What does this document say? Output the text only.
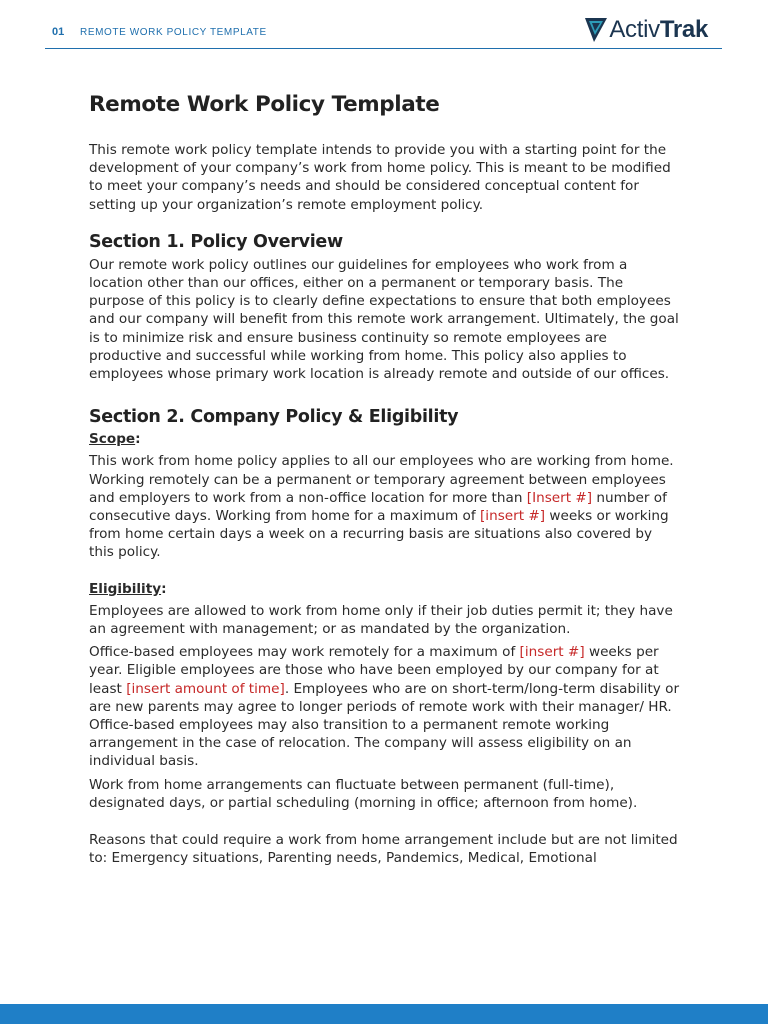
01 REMOTE WORK POLICY TEMPLATE	ActivTrak
Remote Work Policy Template

This remote work policy template intends to provide you with a starting point for the development of your company’s work from home policy. This is meant to be modified to meet your company’s needs and should be considered conceptual content for setting up your organization’s remote employment policy.

Section 1. Policy Overview

Our remote work policy outlines our guidelines for employees who work from a location other than our offices, either on a permanent or temporary basis. The purpose of this policy is to clearly define expectations to ensure that both employees and our company will benefit from this remote work arrangement. Ultimately, the goal is to minimize risk and ensure business continuity so remote employees are productive and successful while working from home. This policy also applies to employees whose primary work location is already remote and outside of our offices.

Section 2. Company Policy & Eligibility

Scope:

This work from home policy applies to all our employees who are working from home. Working remotely can be a permanent or temporary agreement between employees and employers to work from a non-office location for more than [Insert #] number of consecutive days. Working from home for a maximum of [insert #] weeks or working from home certain days a week on a recurring basis are situations also covered by this policy.

Eligibility:

Employees are allowed to work from home only if their job duties permit it; they have an agreement with management; or as mandated by the organization.

Office-based employees may work remotely for a maximum of [insert #] weeks per year. Eligible employees are those who have been employed by our company for at least [insert amount of time]. Employees who are on short-term/long-term disability or are new parents may agree to longer periods of remote work with their manager/ HR. Office-based employees may also transition to a permanent remote working arrangement in the case of relocation. The company will assess eligibility on an individual basis.

Work from home arrangements can fluctuate between permanent (full-time), designated days, or partial scheduling (morning in office; afternoon from home).

Reasons that could require a work from home arrangement include but are not limited to: Emergency situations, Parenting needs, Pandemics, Medical, Emotional
